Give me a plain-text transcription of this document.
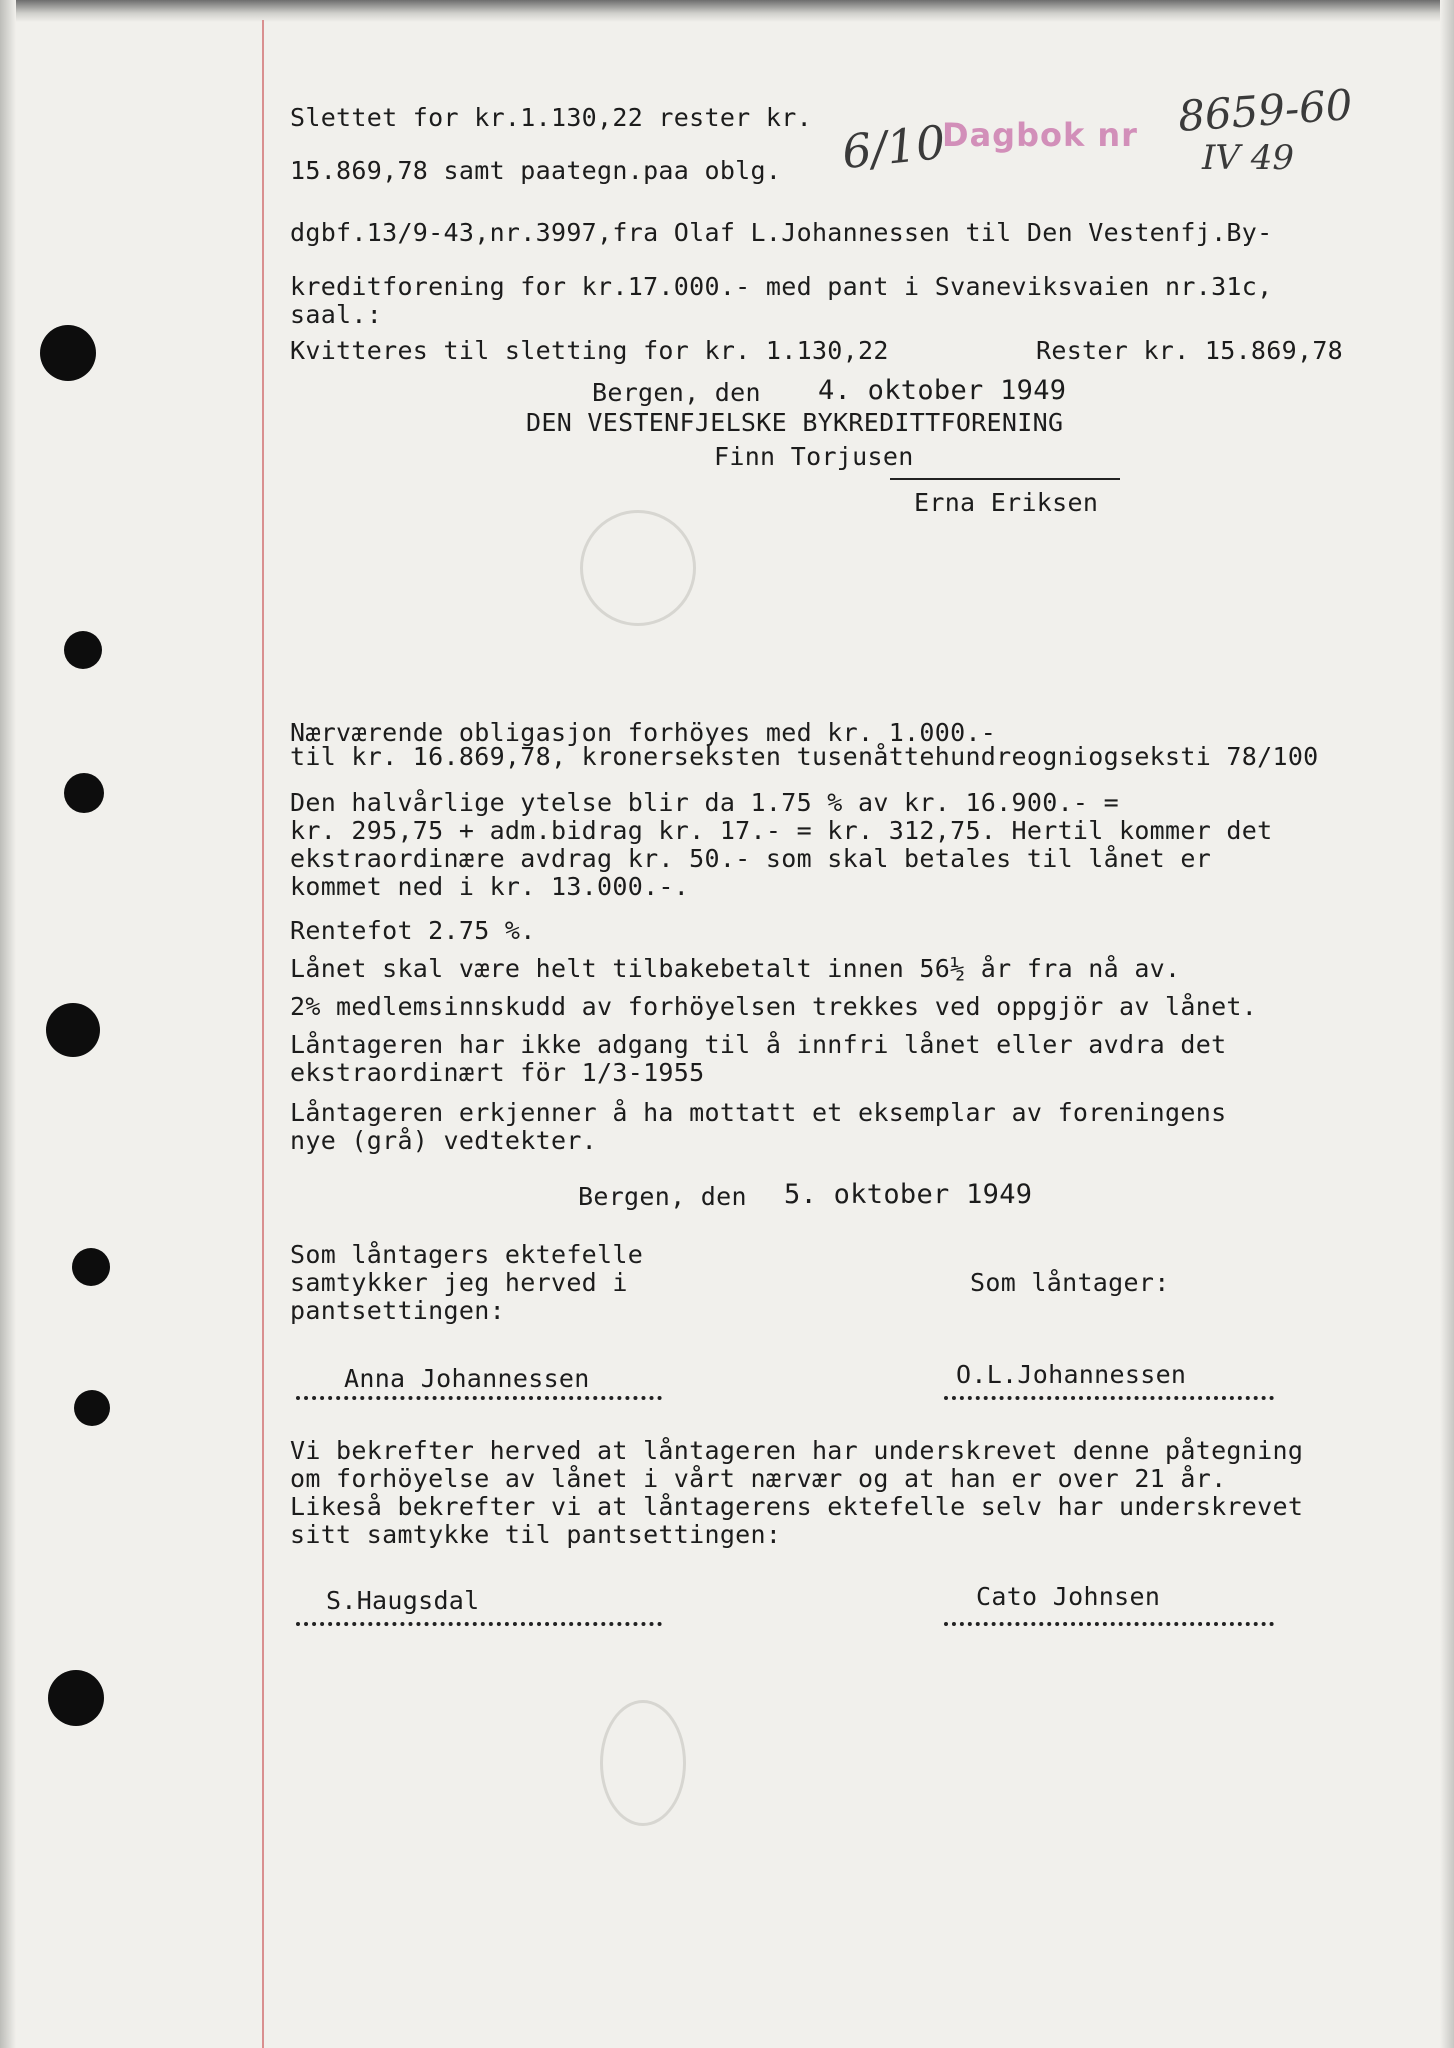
Slettet for kr.1.130,22 rester kr.
15.869,78 samt paategn.paa oblg. 6/10
Dagbok nr 8659-60
IV 49
dgbf.13/9-43,nr.3997,fra Olaf L.Johannessen til Den Vestenfj.By-
kreditforening for kr.17.000.- med pant i Svaneviksvaien nr.31c,
saal.:
Kvitteres til sletting for kr. 1.130,22	Rester kr. 15.869,78
Bergen, den 4. oktober 1949
DEN VESTENFJELSKE BYKREDITTFORENING
Finn Torjusen
Erna Eriksen
Nærværende obligasjon forhöyes med kr. 1.000.-
til kr. 16.869,78, kronerseksten tusenåttehundreogniogseksti 78/100
Den halvårlige ytelse blir da 1.75 % av kr. 16.900.- =
kr. 295,75 + adm.bidrag kr. 17.- = kr. 312,75. Hertil kommer det
ekstraordinære avdrag kr. 50.- som skal betales til lånet er
kommet ned i kr. 13.000.-.
Rentefot 2.75 %.
Lånet skal være helt tilbakebetalt innen 56½ år fra nå av.
2% medlemsinnskudd av forhöyelsen trekkes ved oppgjör av lånet.
Låntageren har ikke adgang til å innfri lånet eller avdra det
ekstraordinært för 1/3-1955
Låntageren erkjenner å ha mottatt et eksemplar av foreningens
nye (grå) vedtekter.
Bergen, den 5. oktober 1949
Som låntagers ektefelle
samtykker jeg herved i
pantsettingen:
Som låntager:
Anna Johannessen	O.L.Johannessen
Vi bekrefter herved at låntageren har underskrevet denne påtegning
om forhöyelse av lånet i vårt nærvær og at han er over 21 år.
Likeså bekrefter vi at låntagerens ektefelle selv har underskrevet
sitt samtykke til pantsettingen:
S.Haugsdal	Cato Johnsen
